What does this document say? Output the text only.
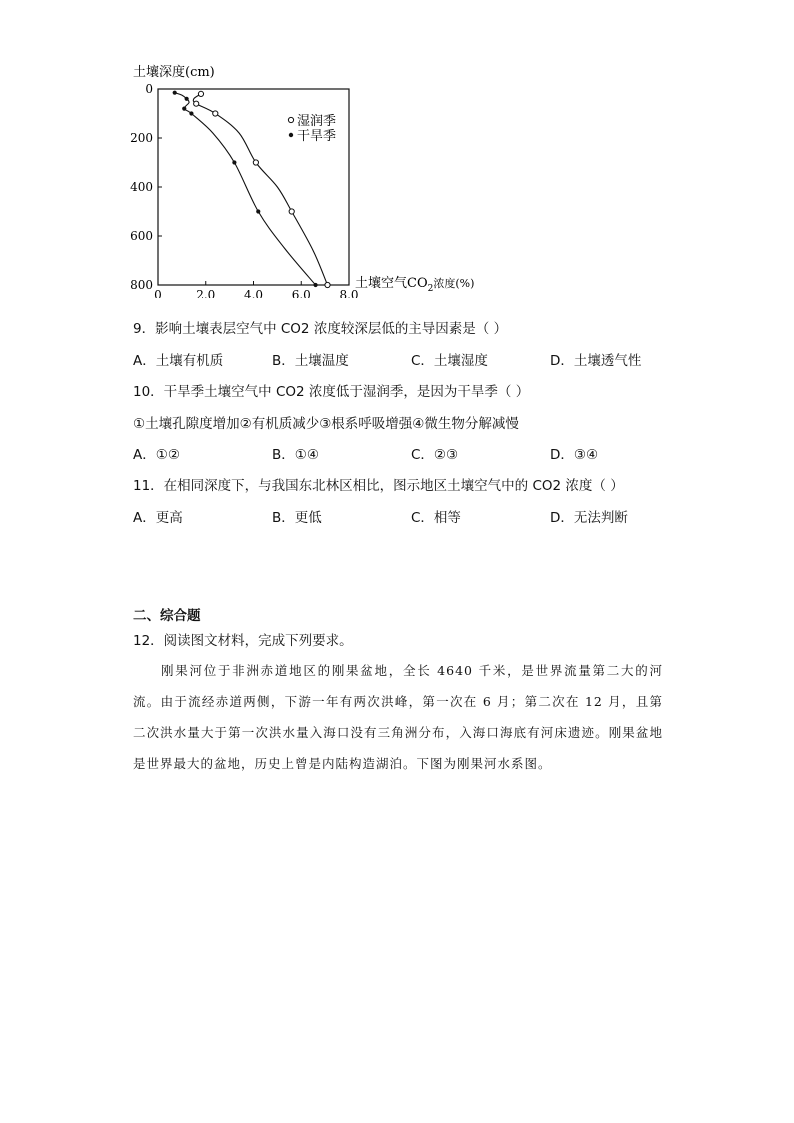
土壤深度(cm)
0
200
400
600
800
0	2.0 4.0 6.0 8.0
湿润季
干旱季
土壤空气$CO_2^{浓度(\%)}$
9．影响土壤表层空气中 CO2 浓度较深层低的主导因素是（ ）
A．土壤有机质	B．土壤温度	C．土壤湿度	D．土壤透气性
10．干旱季土壤空气中 CO2 浓度低于湿润季，是因为干旱季（ ）
①土壤孔隙度增加②有机质减少③根系呼吸增强④微生物分解减慢
A．①②	B．①④	C．②③	D．③④
11．在相同深度下，与我国东北林区相比，图示地区土壤空气中的 CO2 浓度（ ）
A．更高	B．更低	C．相等	D．无法判断
二、综合题
12．阅读图文材料，完成下列要求。
刚果河位于非洲赤道地区的刚果盆地，全长 4640 千米，是世界流量第二大的河流。由于流经赤道两侧，下游一年有两次洪峰，第一次在 6 月；第二次在 12 月，且第二次洪水量大于第一次洪水量入海口没有三角洲分布，入海口海底有河床遗迹。刚果盆地是世界最大的盆地，历史上曾是内陆构造湖泊。下图为刚果河水系图。
